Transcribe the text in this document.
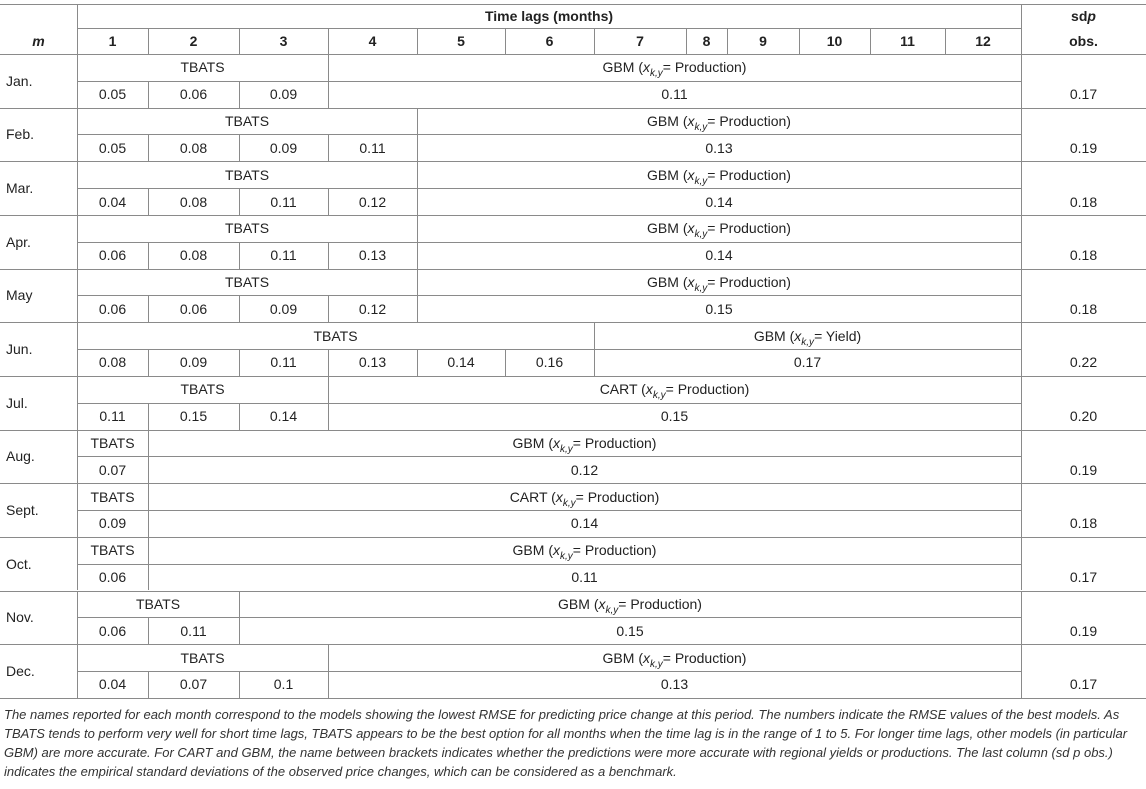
m
Time lags (months)
1	2	3	4	5	6	7	8	9	10	11	12
sd p
obs.
Jan.
TBATS	GBM ( $x_{k,y}$ = Production)
0.05	0.06	0.09	0.11	0.17
Feb.
TBATS	GBM ( $x_{k,y}$ = Production)
0.05	0.08	0.09	0.11	0.13	0.19
Mar.
TBATS	GBM ( $x_{k,y}$ = Production)
0.04	0.08	0.11	0.12	0.14	0.18
Apr.
TBATS	GBM ( $x_{k,y}$ = Production)
0.06	0.08	0.11	0.13	0.14	0.18
May
TBATS	GBM ( $x_{k,y}$ = Production)
0.06	0.06	0.09	0.12	0.15	0.18
Jun.
TBATS	GBM ( $x_{k,y}$ = Yield)
0.08	0.09	0.11	0.13	0.14	0.16	0.17	0.22
Jul.
TBATS	CART ( $x_{k,y}$ = Production)
0.11	0.15	0.14	0.15	0.20
Aug.
TBATS	GBM ( $x_{k,y}$ = Production)
0.07	0.12	0.19
Sept.
TBATS	CART ( $x_{k,y}$ = Production)
0.09	0.14	0.18
Oct.
TBATS	GBM ( $x_{k,y}$ = Production)
0.06	0.11	0.17
Nov.
TBATS	GBM ( $x_{k,y}$ = Production)
0.06	0.11	0.15	0.19
Dec.
TBATS	GBM ( $x_{k,y}$ = Production)
0.04	0.07	0.1	0.13	0.17
The names reported for each month correspond to the models showing the lowest RMSE for predicting price change at this period. The numbers indicate the RMSE values of the best models. As TBATS tends to perform very well for short time lags, TBATS appears to be the best option for all months when the time lag is in the range of 1 to 5. For longer time lags, other models (in particular GBM) are more accurate. For CART and GBM, the name between brackets indicates whether the predictions were more accurate with regional yields or productions. The last column (sd p obs.) indicates the empirical standard deviations of the observed price changes, which can be considered as a benchmark.
